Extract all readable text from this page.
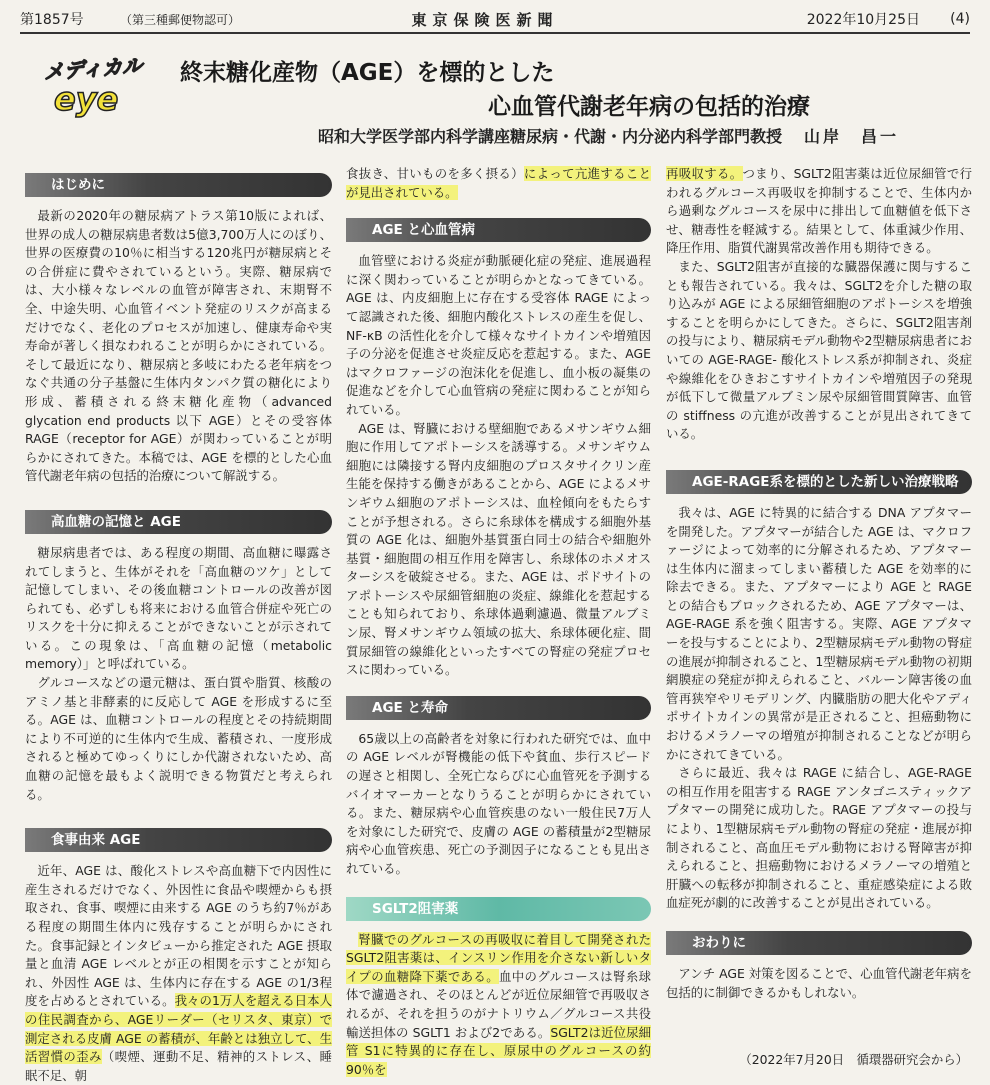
第1857号	（第三種郵便物認可）	東京保険医新聞	2022年10月25日	(4)
メディカル
eye
終末糖化産物（AGE）を標的とした
心血管代謝老年病の包括的治療
昭和大学医学部内科学講座糖尿病・代謝・内分泌内科学部門教授 山岸　昌一
はじめに

最新の2020年の糖尿病アトラス第10版によれば、世界の成人の糖尿病患者数は5億3,700万人にのぼり、世界の医療費の10％に相当する120兆円が糖尿病とその合併症に費やされているという。実際、糖尿病では、大小様々なレベルの血管が障害され、末期腎不全、中途失明、心血管イベント発症のリスクが高まるだけでなく、老化のプロセスが加速し、健康寿命や実寿命が著しく損なわれることが明らかにされている。そして最近になり、糖尿病と多岐にわたる老年病をつなぐ共通の分子基盤に生体内タンパク質の糖化により形成、蓄積される終末糖化産物（advanced glycation end products 以下 AGE）とその受容体 RAGE（receptor for AGE）が関わっていることが明らかにされてきた。本稿では、AGE を標的とした心血管代謝老年病の包括的治療について解説する。

高血糖の記憶と AGE

糖尿病患者では、ある程度の期間、高血糖に曝露されてしまうと、生体がそれを「高血糖のツケ」として記憶してしまい、その後血糖コントロールの改善が図られても、必ずしも将来における血管合併症や死亡のリスクを十分に抑えることができないことが示されている。この現象は、「高血糖の記憶（metabolic memory）」と呼ばれている。

グルコースなどの還元糖は、蛋白質や脂質、核酸のアミノ基と非酵素的に反応して AGE を形成するに至る。AGE は、血糖コントロールの程度とその持続期間により不可逆的に生体内で生成、蓄積され、一度形成されると極めてゆっくりにしか代謝されないため、高血糖の記憶を最もよく説明できる物質だと考えられる。

食事由来 AGE

近年、AGE は、酸化ストレスや高血糖下で内因性に産生されるだけでなく、外因性に食品や喫煙からも摂取され、食事、喫煙に由来する AGE のうち約7％がある程度の期間生体内に残存することが明らかにされた。食事記録とインタビューから推定された AGE 摂取量と血清 AGE レベルとが正の相関を示すことが知られ、外因性 AGE は、生体内に存在する AGE の1/3程度を占めるとされている。我々の1万人を超える日本人の住民調査から、AGEリーダー（セリスタ、東京）で測定される皮膚 AGE の蓄積が、年齢とは独立して、生活習慣の歪み（喫煙、運動不足、精神的ストレス、睡眠不足、朝

食抜き、甘いものを多く摂る）によって亢進することが見出されている。

AGE と心血管病

血管壁における炎症が動脈硬化症の発症、進展過程に深く関わっていることが明らかとなってきている。AGE は、内皮細胞上に存在する受容体 RAGE によって認識された後、細胞内酸化ストレスの産生を促し、NF-κB の活性化を介して様々なサイトカインや増殖因子の分泌を促進させ炎症反応を惹起する。また、AGE はマクロファージの泡沫化を促進し、血小板の凝集の促進などを介して心血管病の発症に関わることが知られている。

AGE は、腎臓における壁細胞であるメサンギウム細胞に作用してアポトーシスを誘導する。メサンギウム細胞には隣接する腎内皮細胞のプロスタサイクリン産生能を保持する働きがあることから、AGE によるメサンギウム細胞のアポトーシスは、血栓傾向をもたらすことが予想される。さらに糸球体を構成する細胞外基質の AGE 化は、細胞外基質蛋白同士の結合や細胞外基質・細胞間の相互作用を障害し、糸球体のホメオスターシスを破綻させる。また、AGE は、ポドサイトのアポトーシスや尿細管細胞の炎症、線維化を惹起することも知られており、糸球体過剰濾過、微量アルブミン尿、腎メサンギウム領域の拡大、糸球体硬化症、間質尿細管の線維化といったすべての腎症の発症プロセスに関わっている。

AGE と寿命

65歳以上の高齢者を対象に行われた研究では、血中の AGE レベルが腎機能の低下や貧血、歩行スピードの遅さと相関し、全死亡ならびに心血管死を予測するバイオマーカーとなりうることが明らかにされている。また、糖尿病や心血管疾患のない一般住民7万人を対象にした研究で、皮膚の AGE の蓄積量が2型糖尿病や心血管疾患、死亡の予測因子になることも見出されている。

SGLT2阻害薬

腎臓でのグルコースの再吸収に着目して開発された SGLT2阻害薬は、インスリン作用を介さない新しいタイプの血糖降下薬である。血中のグルコースは腎糸球体で濾過され、そのほとんどが近位尿細管で再吸収されるが、それを担うのがナトリウム／グルコース共役輸送担体の SGLT1 および2である。SGLT2は近位尿細管 S1に特異的に存在し、原尿中のグルコースの約90％を

再吸収する。つまり、SGLT2阻害薬は近位尿細管で行われるグルコース再吸収を抑制することで、生体内から過剰なグルコースを尿中に排出して血糖値を低下させ、糖毒性を軽減する。結果として、体重減少作用、降圧作用、脂質代謝異常改善作用も期待できる。

また、SGLT2阻害が直接的な臓器保護に関与することも報告されている。我々は、SGLT2を介した糖の取り込みが AGE による尿細管細胞のアポトーシスを増強することを明らかにしてきた。さらに、SGLT2阻害剤の投与により、糖尿病モデル動物や2型糖尿病患者においての AGE-RAGE- 酸化ストレス系が抑制され、炎症や線維化をひきおこすサイトカインや増殖因子の発現が低下して微量アルブミン尿や尿細管間質障害、血管の stiffness の亢進が改善することが見出されてきている。

AGE-RAGE系を標的とした新しい治療戦略

我々は、AGE に特異的に結合する DNA アプタマーを開発した。アプタマーが結合した AGE は、マクロファージによって効率的に分解されるため、アプタマーは生体内に溜まってしまい蓄積した AGE を効率的に除去できる。また、アプタマーにより AGE と RAGE との結合もブロックされるため、AGE アプタマーは、AGE-RAGE 系を強く阻害する。実際、AGE アプタマーを投与することにより、2型糖尿病モデル動物の腎症の進展が抑制されること、1型糖尿病モデル動物の初期網膜症の発症が抑えられること、バルーン障害後の血管再狭窄やリモデリング、内臓脂肪の肥大化やアディポサイトカインの異常が是正されること、担癌動物におけるメラノーマの増殖が抑制されることなどが明らかにされてきている。

さらに最近、我々は RAGE に結合し、AGE-RAGE の相互作用を阻害する RAGE アンタゴニスティックアプタマーの開発に成功した。RAGE アプタマーの投与により、1型糖尿病モデル動物の腎症の発症・進展が抑制されること、高血圧モデル動物における腎障害が抑えられること、担癌動物におけるメラノーマの増殖と肝臓への転移が抑制されること、重症感染症による敗血症死が劇的に改善することが見出されている。

おわりに

アンチ AGE 対策を図ることで、心血管代謝老年病を包括的に制御できるかもしれない。

（2022年7月20日　循環器研究会から）
